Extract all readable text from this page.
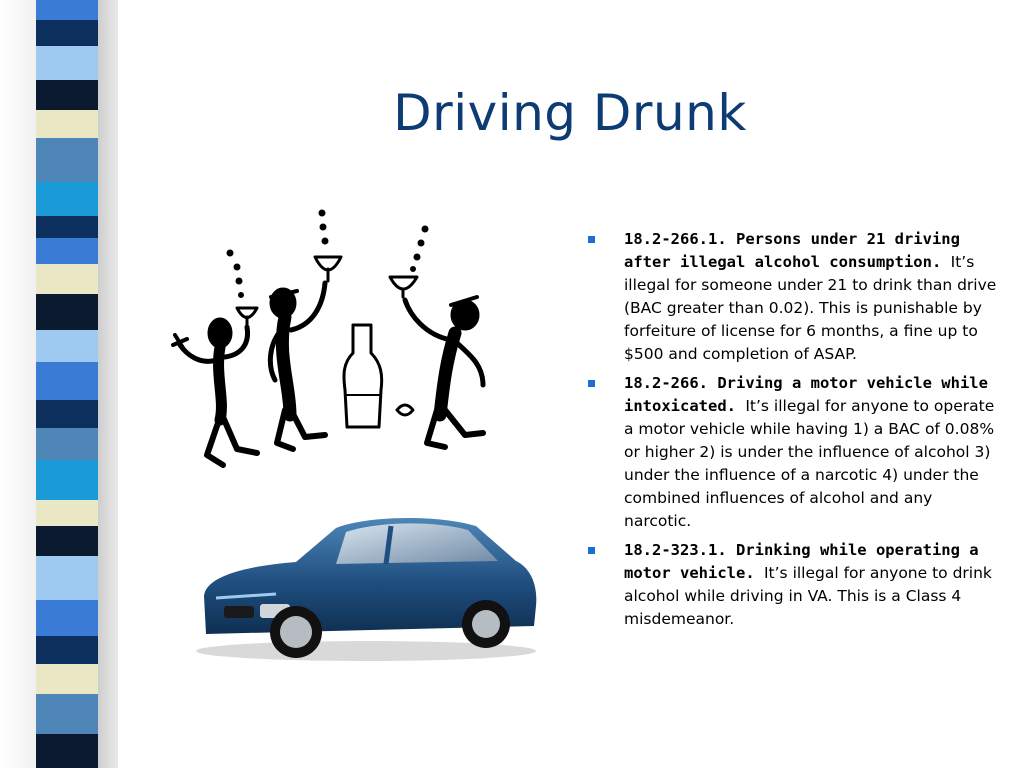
Driving Drunk
18.2-266.1. Persons under 21 driving after illegal alcohol consumption. It’s illegal for someone under 21 to drink than drive (BAC greater than 0.02). This is punishable by forfeiture of license for 6 months, a fine up to $500 and completion of ASAP.
18.2-266. Driving a motor vehicle while intoxicated. It’s illegal for anyone to operate a motor vehicle while having 1) a BAC of 0.08% or higher 2) is under the influence of alcohol 3) under the influence of a narcotic 4) under the combined influences of alcohol and any narcotic.
18.2-323.1. Drinking while operating a motor vehicle. It’s illegal for anyone to drink alcohol while driving in VA. This is a Class 4 misdemeanor.
